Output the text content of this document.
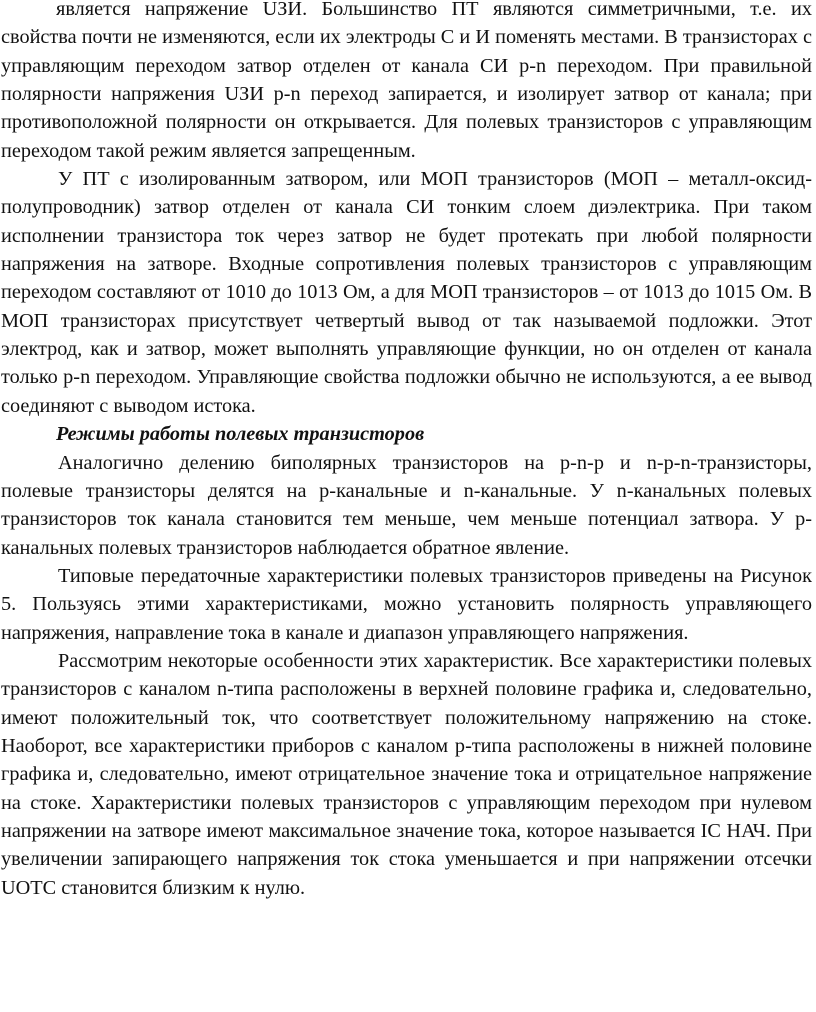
является напряжение UЗИ. Большинство ПТ являются симметричными, т.е. их свойства почти не изменяются, если их электроды С и И поменять местами. В транзисторах с управляющим переходом затвор отделен от канала СИ p-n переходом. При правильной полярности напряжения UЗИ p-n переход запирается, и изолирует затвор от канала; при противоположной полярности он открывается. Для полевых транзисторов с управляющим переходом такой режим является запрещенным.

У ПТ с изолированным затвором, или МОП транзисторов (МОП – металл-оксид-полупроводник) затвор отделен от канала СИ тонким слоем диэлектрика. При таком исполнении транзистора ток через затвор не будет протекать при любой полярности напряжения на затворе. Входные сопротивления полевых транзисторов с управляющим переходом составляют от 1010 до 1013 Ом, а для МОП транзисторов – от 1013 до 1015 Ом. В МОП транзисторах присутствует четвертый вывод от так называемой подложки. Этот электрод, как и затвор, может выполнять управляющие функции, но он отделен от канала только p-n переходом. Управляющие свойства подложки обычно не используются, а ее вывод соединяют с выводом истока.

Режимы работы полевых транзисторов

Аналогично делению биполярных транзисторов на p-n-p и n-p-n-транзисторы, полевые транзисторы делятся на p-канальные и n-канальные. У n-канальных полевых транзисторов ток канала становится тем меньше, чем меньше потенциал затвора. У p-канальных полевых транзисторов наблюдается обратное явление.

Типовые передаточные характеристики полевых транзисторов приведены на Рисунок 5. Пользуясь этими характеристиками, можно установить полярность управляющего напряжения, направление тока в канале и диапазон управляющего напряжения.

Рассмотрим некоторые особенности этих характеристик. Все характеристики полевых транзисторов с каналом n-типа расположены в верхней половине графика и, следовательно, имеют положительный ток, что соответствует положительному напряжению на стоке. Наоборот, все характеристики приборов с каналом p-типа расположены в нижней половине графика и, следовательно, имеют отрицательное значение тока и отрицательное напряжение на стоке. Характеристики полевых транзисторов с управляющим переходом при нулевом напряжении на затворе имеют максимальное значение тока, которое называется IС НАЧ. При увеличении запирающего напряжения ток стока уменьшается и при напряжении отсечки UОТС становится близким к нулю.
